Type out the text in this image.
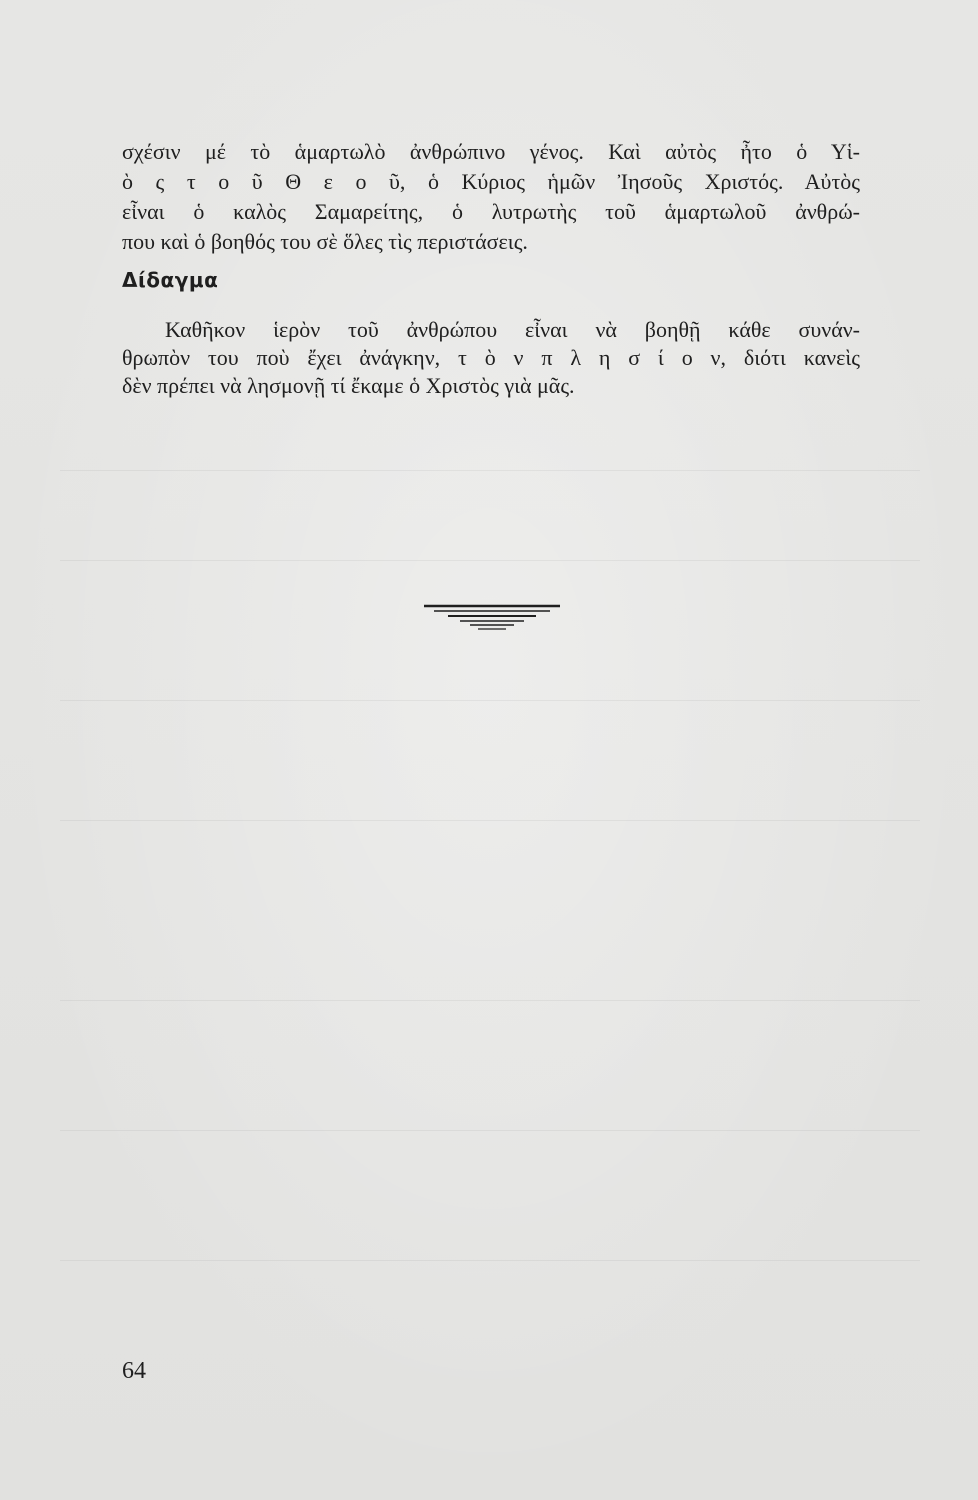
σχέσιν μέ τὸ ἁμαρτωλὸ ἀνθρώπινο γένος. Καὶ αὐτὸς ἦτο ὁ Υἱ-
ὸ ς τ ο ῦ Θ ε ο ῦ, ὁ Κύριος ἡμῶν Ἰησοῦς Χριστός. Αὐτὸς
εἶναι ὁ καλὸς Σαμαρείτης, ὁ λυτρωτὴς τοῦ ἁμαρτωλοῦ ἀνθρώ-
που καὶ ὁ βοηθός του σὲ ὅλες τὶς περιστάσεις.
Δίδαγμα
Καθῆκον ἱερὸν τοῦ ἀνθρώπου εἶναι νὰ βοηθῇ κάθε συνάν-
θρωπὸν του ποὺ ἔχει ἀνάγκην, τ ὸ ν π λ η σ ί ο ν, διότι κανεὶς
δὲν πρέπει νὰ λησμονῇ τί ἔκαμε ὁ Χριστὸς γιὰ μᾶς.
64
